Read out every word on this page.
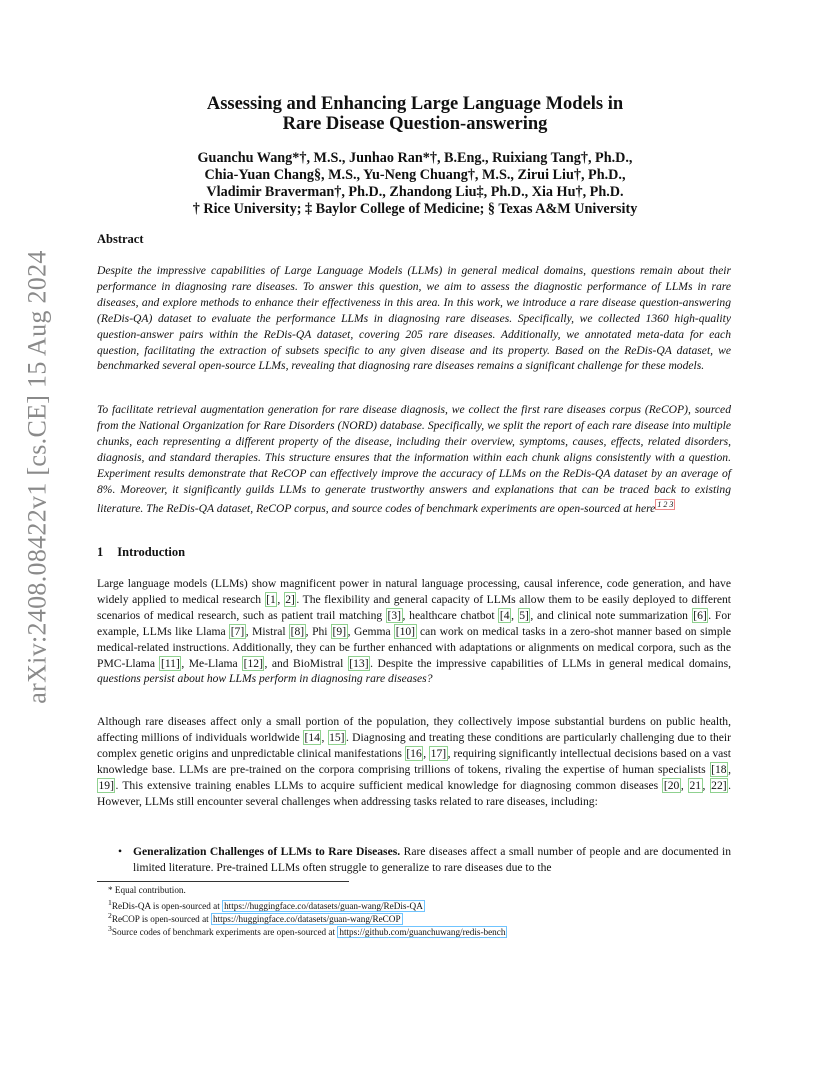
arXiv:2408.08422v1 [cs.CE] 15 Aug 2024
Assessing and Enhancing Large Language Models in
Rare Disease Question-answering
Guanchu Wang*†, M.S., Junhao Ran*†, B.Eng., Ruixiang Tang†, Ph.D.,
Chia-Yuan Chang§, M.S., Yu-Neng Chuang†, M.S., Zirui Liu†, Ph.D.,
Vladimir Braverman†, Ph.D., Zhandong Liu‡, Ph.D., Xia Hu†, Ph.D.
† Rice University; ‡ Baylor College of Medicine; § Texas A&M University
Abstract

Despite the impressive capabilities of Large Language Models (LLMs) in general medical domains, questions remain about their performance in diagnosing rare diseases. To answer this question, we aim to assess the diagnostic performance of LLMs in rare diseases, and explore methods to enhance their effectiveness in this area. In this work, we introduce a rare disease question-answering (ReDis-QA) dataset to evaluate the performance LLMs in diagnosing rare diseases. Specifically, we collected 1360 high-quality question-answer pairs within the ReDis-QA dataset, covering 205 rare diseases. Additionally, we annotated meta-data for each question, facilitating the extraction of subsets specific to any given disease and its property. Based on the ReDis-QA dataset, we benchmarked several open-source LLMs, revealing that diagnosing rare diseases remains a significant challenge for these models.

To facilitate retrieval augmentation generation for rare disease diagnosis, we collect the first rare diseases corpus (ReCOP), sourced from the National Organization for Rare Disorders (NORD) database. Specifically, we split the report of each rare disease into multiple chunks, each representing a different property of the disease, including their overview, symptoms, causes, effects, related disorders, diagnosis, and standard therapies. This structure ensures that the information within each chunk aligns consistently with a question. Experiment results demonstrate that ReCOP can effectively improve the accuracy of LLMs on the ReDis-QA dataset by an average of 8%. Moreover, it significantly guilds LLMs to generate trustworthy answers and explanations that can be traced back to existing literature. The ReDis-QA dataset, ReCOP corpus, and source codes of benchmark experiments are open-sourced at here $^{1 2 3}$

1 Introduction

Large language models (LLMs) show magnificent power in natural language processing, causal inference, code generation, and have widely applied to medical research [1 , 2] . The flexibility and general capacity of LLMs allow them to be easily deployed to different scenarios of medical research, such as patient trail matching [3] , healthcare chatbot [4 , 5] , and clinical note summarization [6] . For example, LLMs like Llama [7] , Mistral [8] , Phi [9] , Gemma [10] can work on medical tasks in a zero-shot manner based on simple medical-related instructions. Additionally, they can be further enhanced with adaptations or alignments on medical corpora, such as the PMC-Llama [11] , Me-Llama [12] , and BioMistral [13] . Despite the impressive capabilities of LLMs in general medical domains, questions persist about how LLMs perform in diagnosing rare diseases?

Although rare diseases affect only a small portion of the population, they collectively impose substantial burdens on public health, affecting millions of individuals worldwide [14 , 15] . Diagnosing and treating these conditions are particularly challenging due to their complex genetic origins and unpredictable clinical manifestations [16 , 17] , requiring significantly intellectual decisions based on a vast knowledge base. LLMs are pre-trained on the corpora comprising trillions of tokens, rivaling the expertise of human specialists [18 , 19] . This extensive training enables LLMs to acquire sufficient medical knowledge for diagnosing common diseases [20 , 21 , 22] . However, LLMs still encounter several challenges when addressing tasks related to rare diseases, including:

• Generalization Challenges of LLMs to Rare Diseases. Rare diseases affect a small number of people and are documented in limited literature. Pre-trained LLMs often struggle to generalize to rare diseases due to the
* Equal contribution.
$^1$ReDis-QA is open-sourced at https://huggingface.co/datasets/guan-wang/ReDis-QA
$^2$ReCOP is open-sourced at https://huggingface.co/datasets/guan-wang/ReCOP
$^3$Source codes of benchmark experiments are open-sourced at https://github.com/guanchuwang/redis-bench
